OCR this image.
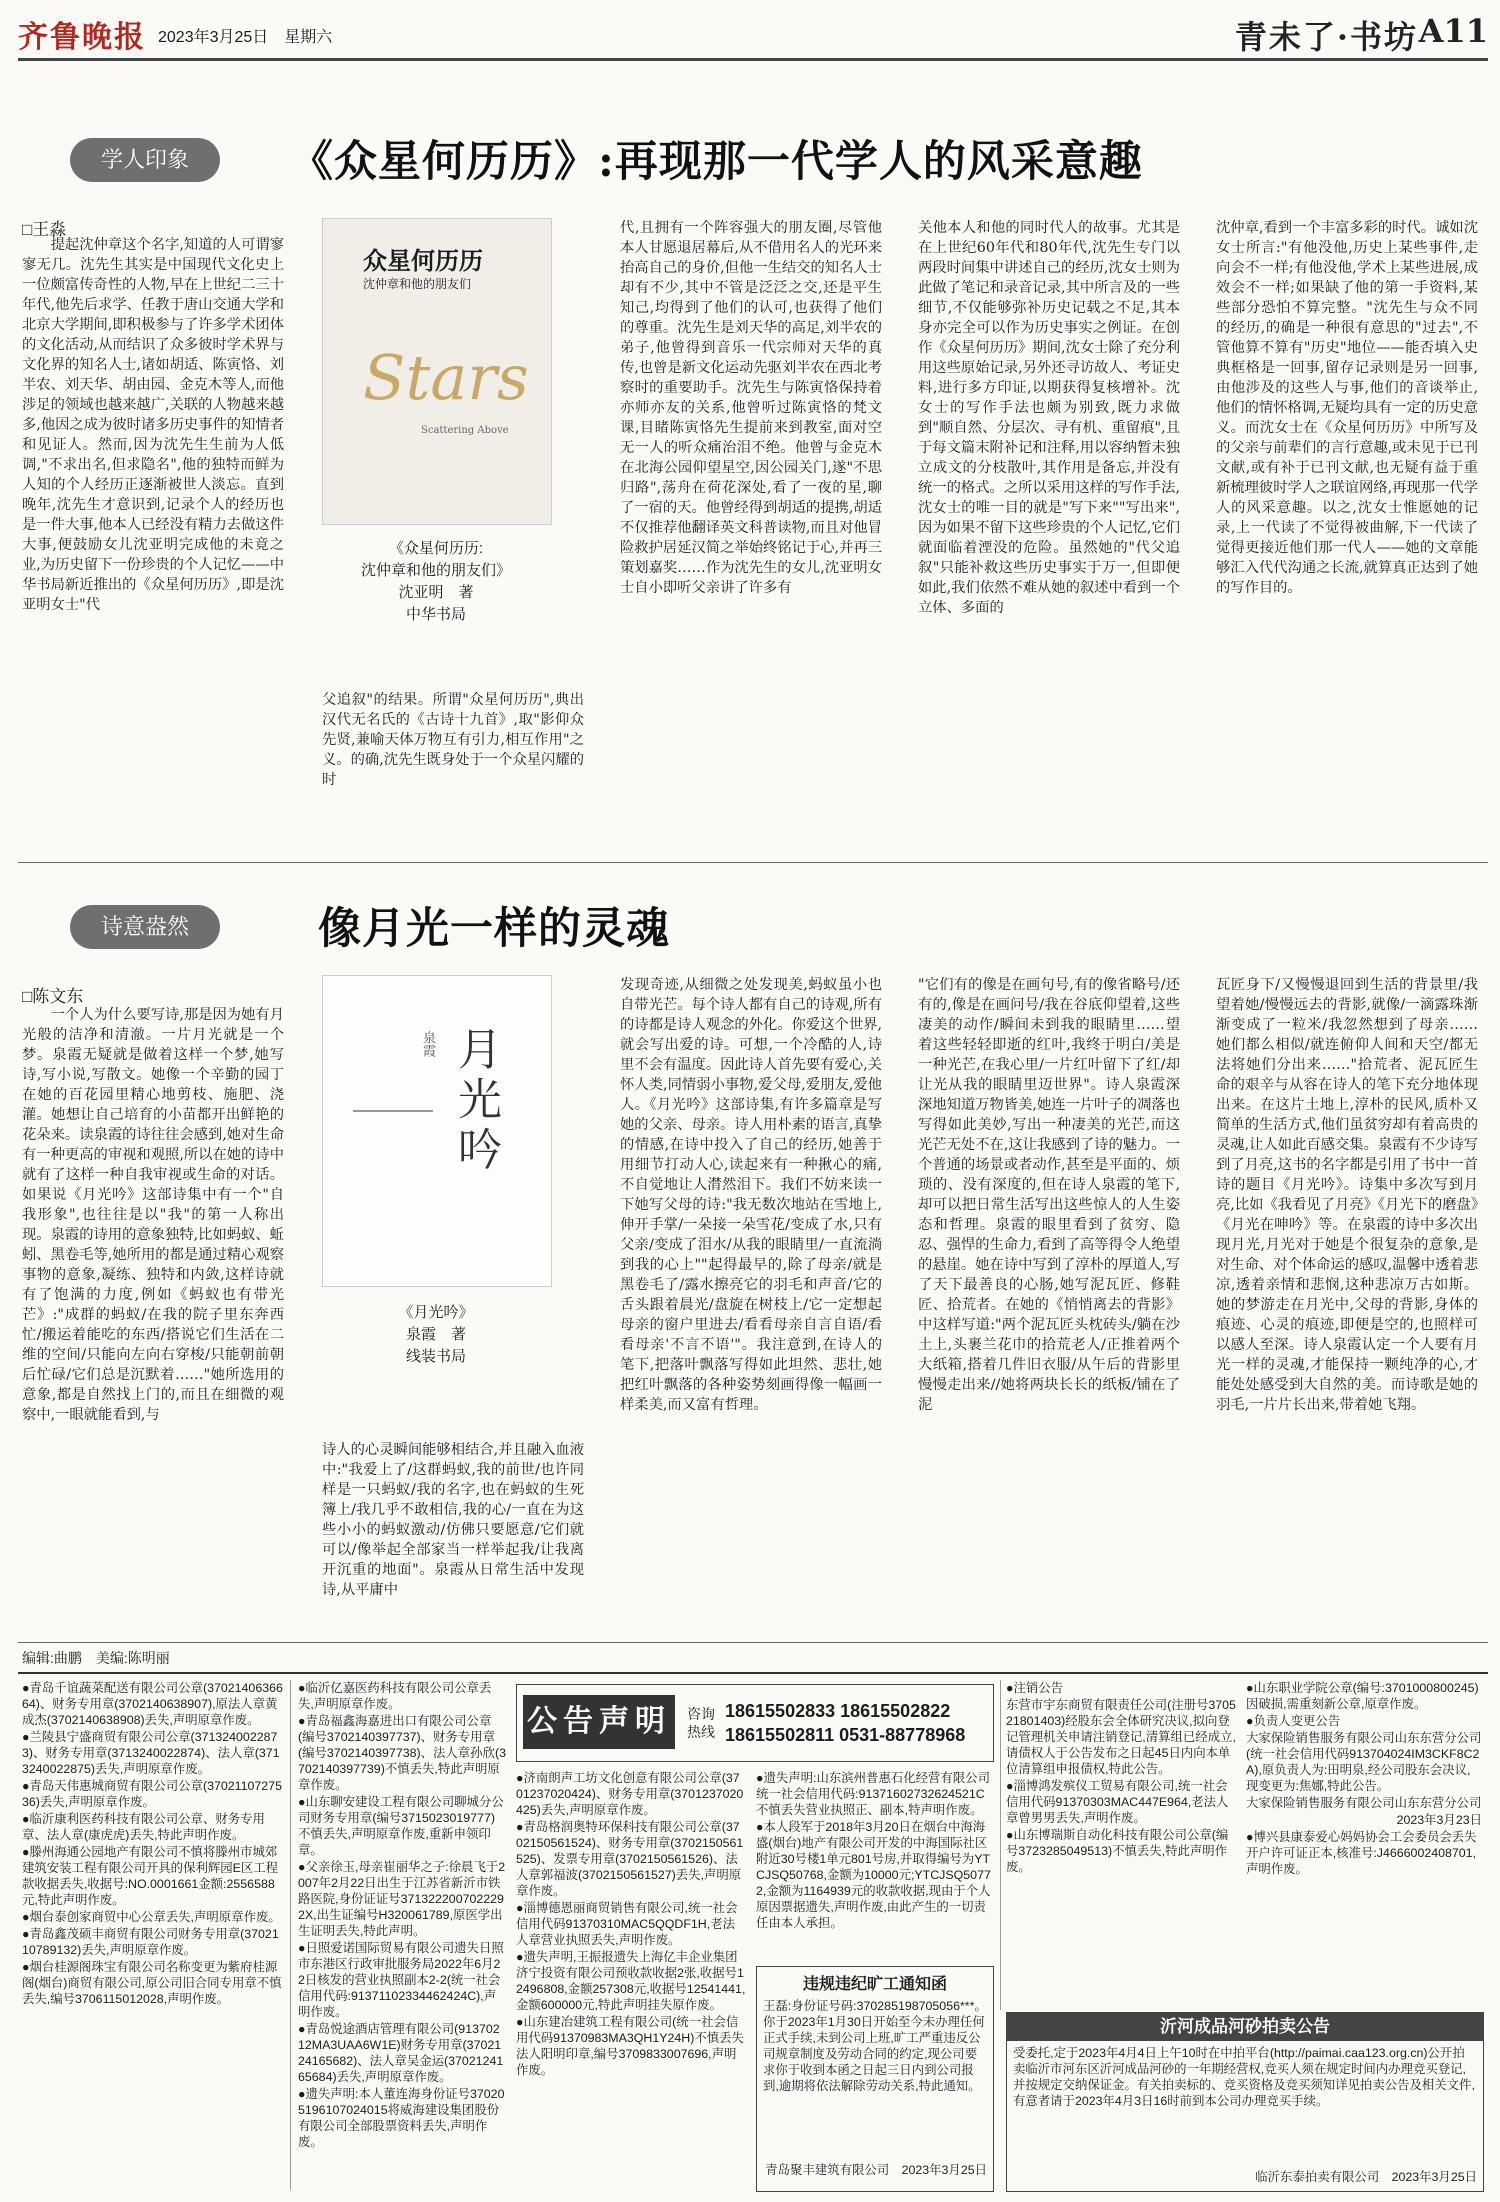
齐鲁晚报 2023年3月25日　星期六	青未了·书坊 A11
学人印象	《众星何历历》:再现那一代学人的风采意趣
□王淼

提起沈仲章这个名字,知道的人可谓寥寥无几。沈先生其实是中国现代文化史上一位颇富传奇性的人物,早在上世纪二三十年代,他先后求学、任教于唐山交通大学和北京大学期间,即积极参与了许多学术团体的文化活动,从而结识了众多彼时学术界与文化界的知名人士,诸如胡适、陈寅恪、刘半农、刘天华、胡由园、金克木等人,而他涉足的领域也越来越广,关联的人物越来越多,他因之成为彼时诸多历史事件的知情者和见证人。然而,因为沈先生生前为人低调,"不求出名,但求隐名",他的独特而鲜为人知的个人经历正逐渐被世人淡忘。直到晚年,沈先生才意识到,记录个人的经历也是一件大事,他本人已经没有精力去做这件大事,便鼓励女儿沈亚明完成他的未竟之业,为历史留下一份珍贵的个人记忆——中华书局新近推出的《众星何历历》,即是沈亚明女士"代

众星何历历
沈仲章和他的朋友们
Stars
Scattering Above
《众星何历历:
沈仲章和他的朋友们》
沈亚明　著
中华书局

父追叙"的结果。所谓"众星何历历",典出汉代无名氏的《古诗十九首》,取"影仰众先贤,兼喻天体万物互有引力,相互作用"之义。的确,沈先生既身处于一个众星闪耀的时

代,且拥有一个阵容强大的朋友圈,尽管他本人甘愿退居幕后,从不借用名人的光环来抬高自己的身价,但他一生结交的知名人士却有不少,其中不管是泛泛之交,还是平生知己,均得到了他们的认可,也获得了他们的尊重。沈先生是刘天华的高足,刘半农的弟子,他曾得到音乐一代宗师对天华的真传,也曾是新文化运动先驱刘半农在西北考察时的重要助手。沈先生与陈寅恪保持着亦师亦友的关系,他曾听过陈寅恪的梵文课,目睹陈寅恪先生提前来到教室,面对空无一人的听众痛治泪不绝。他曾与金克木在北海公园仰望星空,因公园关门,遂"不思归路",荡舟在荷花深处,看了一夜的星,聊了一宿的天。他曾经得到胡适的提携,胡适不仅推荐他翻译英文科普读物,而且对他冒险救护居延汉简之举始终铭记于心,并再三策划嘉奖……作为沈先生的女儿,沈亚明女士自小即听父亲讲了许多有

关他本人和他的同时代人的故事。尤其是在上世纪60年代和80年代,沈先生专门以两段时间集中讲述自己的经历,沈女士则为此做了笔记和录音记录,其中所言及的一些细节,不仅能够弥补历史记载之不足,其本身亦完全可以作为历史事实之例证。在创作《众星何历历》期间,沈女士除了充分利用这些原始记录,另外还寻访故人、考证史料,进行多方印证,以期获得复核增补。沈女士的写作手法也颇为别致,既力求做到"顺自然、分层次、寻有机、重留痕",且于每文篇末附补记和注释,用以容纳暂未独立成文的分枝散叶,其作用是备忘,并没有统一的格式。之所以采用这样的写作手法,沈女士的唯一目的就是"写下来""写出来",因为如果不留下这些珍贵的个人记忆,它们就面临着湮没的危险。虽然她的"代父追叙"只能补救这些历史事实于万一,但即便如此,我们依然不难从她的叙述中看到一个立体、多面的

沈仲章,看到一个丰富多彩的时代。诚如沈女士所言:"有他没他,历史上某些事件,走向会不一样;有他没他,学术上某些进展,成效会不一样;如果缺了他的第一手资料,某些部分恐怕不算完整。"沈先生与众不同的经历,的确是一种很有意思的"过去",不管他算不算有"历史"地位——能否填入史典框格是一回事,留存记录则是另一回事,由他涉及的这些人与事,他们的音谈举止,他们的情怀格调,无疑均具有一定的历史意义。而沈女士在《众星何历历》中所写及的父亲与前辈们的言行意趣,或未见于已刊文献,或有补于已刊文献,也无疑有益于重新梳理彼时学人之联谊网络,再现那一代学人的风采意趣。以之,沈女士惟愿她的记录,上一代读了不觉得被曲解,下一代读了觉得更接近他们那一代人——她的文章能够汇入代代沟通之长流,就算真正达到了她的写作目的。

诗意盎然	像月光一样的灵魂
□陈文东

一个人为什么要写诗,那是因为她有月光般的洁净和清澈。一片月光就是一个梦。泉霞无疑就是做着这样一个梦,她写诗,写小说,写散文。她像一个辛勤的园丁在她的百花园里精心地剪枝、施肥、浇灌。她想让自己培育的小苗都开出鲜艳的花朵来。读泉霞的诗往往会感到,她对生命有一种更高的审视和观照,所以在她的诗中就有了这样一种自我审视或生命的对话。如果说《月光吟》这部诗集中有一个"自我形象",也往往是以"我"的第一人称出现。泉霞的诗用的意象独特,比如蚂蚁、蚯蚓、黑卷毛等,她所用的都是通过精心观察事物的意象,凝练、独特和内敛,这样诗就有了饱满的力度,例如《蚂蚁也有带光芒》:"成群的蚂蚁/在我的院子里东奔西忙/搬运着能吃的东西/搭说它们生活在二维的空间/只能向左向右穿梭/只能朝前朝后忙碌/它们总是沉默着……"她所选用的意象,都是自然找上门的,而且在细微的观察中,一眼就能看到,与

月光吟
泉霞
《月光吟》
泉霞　著
线装书局

诗人的心灵瞬间能够相结合,并且融入血液中:"我爱上了/这群蚂蚁,我的前世/也许同样是一只蚂蚁/我的名字,也在蚂蚁的生死簿上/我几乎不敢相信,我的心/一直在为这些小小的蚂蚁激动/仿佛只要愿意/它们就可以/像举起全部家当一样举起我/让我离开沉重的地面"。泉霞从日常生活中发现诗,从平庸中

发现奇迹,从细微之处发现美,蚂蚁虽小也自带光芒。每个诗人都有自己的诗观,所有的诗都是诗人观念的外化。你爱这个世界,就会写出爱的诗。可想,一个冷酷的人,诗里不会有温度。因此诗人首先要有爱心,关怀人类,同情弱小事物,爱父母,爱朋友,爱他人。《月光吟》这部诗集,有许多篇章是写她的父亲、母亲。诗人用朴素的语言,真挚的情感,在诗中投入了自己的经历,她善于用细节打动人心,读起来有一种揪心的痛,不自觉地让人潸然泪下。我们不妨来读一下她写父母的诗:"我无数次地站在雪地上,伸开手掌/一朵接一朵雪花/变成了水,只有父亲/变成了泪水/从我的眼睛里/一直流淌到我的心上""起得最早的,除了母亲/就是黑卷毛了/露水擦亮它的羽毛和声音/它的舌头跟着晨光/盘旋在树枝上/它一定想起母亲的窗户里进去/看看母亲自言自语/看看母亲'不言不语'"。我注意到,在诗人的笔下,把落叶飘落写得如此坦然、悲壮,她把红叶飘落的各种姿势刻画得像一幅画一样柔美,而又富有哲理。

"它们有的像是在画句号,有的像省略号/还有的,像是在画问号/我在谷底仰望着,这些凄美的动作/瞬间未到我的眼睛里……望着这些轻轻即逝的红叶,我终于明白/美是一种光芒,在我心里/一片红叶留下了红/却让光从我的眼睛里迈世界"。诗人泉霞深深地知道万物皆美,她连一片叶子的凋落也写得如此美妙,写出一种凄美的光芒,而这光芒无处不在,这让我感到了诗的魅力。一个普通的场景或者动作,甚至是平面的、烦琐的、没有深度的,但在诗人泉霞的笔下,却可以把日常生活写出这些惊人的人生姿态和哲理。泉霞的眼里看到了贫穷、隐忍、强悍的生命力,看到了高等得令人绝望的悬崖。她在诗中写到了淳朴的厚道人,写了天下最善良的心肠,她写泥瓦匠、修鞋匠、拾荒者。在她的《悄悄离去的背影》中这样写道:"两个泥瓦匠头枕砖头/躺在沙土上,头裹兰花巾的拾荒老人/正推着两个大纸箱,搭着几件旧衣服/从午后的背影里慢慢走出来//她将两块长长的纸板/铺在了泥

瓦匠身下/又慢慢退回到生活的背景里/我望着她/慢慢远去的背影,就像/一滴露珠渐渐变成了一粒米/我忽然想到了母亲……她们都么相似/就连俯仰人间和天空/都无法将她们分出来……"拾荒者、泥瓦匠生命的艰辛与从容在诗人的笔下充分地体现出来。在这片土地上,淳朴的民风,质朴又简单的生活方式,他们虽贫穷却有着高贵的灵魂,让人如此百感交集。泉霞有不少诗写到了月亮,这书的名字都是引用了书中一首诗的题目《月光吟》。诗集中多次写到月亮,比如《我看见了月亮》《月光下的磨盘》《月光在呻吟》等。在泉霞的诗中多次出现月光,月光对于她是个很复杂的意象,是对生命、对个体命运的感叹,温馨中透着悲凉,透着亲情和悲悯,这种悲凉万古如斯。她的梦游走在月光中,父母的背影,身体的痕迹、心灵的痕迹,即便是空的,也照样可以感人至深。诗人泉霞认定一个人要有月光一样的灵魂,才能保持一颗纯净的心,才能处处感受到大自然的美。而诗歌是她的羽毛,一片片长出来,带着她飞翔。

编辑:曲鹏　美编:陈明丽

●青岛千谊蔬菜配送有限公司公章(3702140636664)、财务专用章(3702140638907),原法人章黄成杰(3702140638908)丢失,声明原章作废。

●兰陵县宁盛商贸有限公司公章(3713240022873)、财务专用章(3713240022874)、法人章(3713240022875)丢失,声明原章作废。

●青岛天伟惠城商贸有限公司公章(3702110727536)丢失,声明原章作废。

●临沂康利医药科技有限公司公章、财务专用章、法人章(康虎虎)丢失,特此声明作废。

●滕州海通公园地产有限公司不慎将滕州市城郊建筑安装工程有限公司开具的保利辉园E区工程款收据丢失,收据号:NO.0001661金额:2556588元,特此声明作废。

●烟台泰创家商贸中心公章丢失,声明原章作废。

●青岛鑫茂硕丰商贸有限公司财务专用章(3702110789132)丢失,声明原章作废。

●烟台桂源阁珠宝有限公司名称变更为紫府桂源阁(烟台)商贸有限公司,原公司旧合同专用章不慎丢失,编号3706115012028,声明作废。

●临沂亿嘉医药科技有限公司公章丢失,声明原章作废。

●青岛福鑫海嘉进出口有限公司公章(编号3702140397737)、财务专用章(编号3702140397738)、法人章孙欣(3702140397739)不慎丢失,特此声明原章作废。

●山东聊安建设工程有限公司聊城分公司财务专用章(编号3715023019777)不慎丢失,声明原章作废,重新申领印章。

●父亲徐玉,母亲崔丽华之子:徐晨飞于2007年2月22日出生于江苏省新沂市铁路医院,身份证证号3713222007022292X,出生证编号H320061789,原医学出生证明丢失,特此声明。

●日照爱诺国际贸易有限公司遗失日照市东港区行政审批服务局2022年6月22日核发的营业执照副本2-2(统一社会信用代码:91371102334462424C),声明作废。

●青岛悦途酒店管理有限公司(91370212MA3UAA6W1E)财务专用章(3702124165682)、法人章吴金运(3702124165684)丢失,声明原章作废。

●遗失声明:本人董连海身份证号370205196107024015将威海建设集团股份有限公司全部股票资料丢失,声明作废。

公告声明 咨询
热线
18615502833 18615502822
18615502811 0531-88778968

●济南朗声工坊文化创意有限公司公章(3701237020424)、财务专用章(3701237020425)丢失,声明原章作废。

●青岛格润奥特环保科技有限公司公章(3702150561524)、财务专用章(3702150561525)、发票专用章(3702150561526)、法人章郭福波(3702150561527)丢失,声明原章作废。

●淄博德恩丽商贸销售有限公司,统一社会信用代码91370310MAC5QQDF1H,老法人章营业执照丢失,声明作废。

●遗失声明,王振报遗失上海亿丰企业集团济宁投资有限公司预收款收据2张,收据号12496808,金额257308元,收据号12541441,金额600000元,特此声明挂失原作废。

●山东建冶建筑工程有限公司(统一社会信用代码91370983MA3QH1Y24H)不慎丢失法人阳明印章,编号3709833007696,声明作废。

●遗失声明:山东滨州普惠石化经营有限公司统一社会信用代码:91371602732624521C不慎丢失营业执照正、副本,特声明作废。

●本人段军于2018年3月20日在烟台中海海盛(烟台)地产有限公司开发的中海国际社区附近30号楼1单元801号房,并取得编号为YTCJSQ50768,金额为10000元;YTCJSQ50772,金额为1164939元的收款收据,现由于个人原因票据遗失,声明作废,由此产生的一切责任由本人承担。

违规违纪旷工通知函
王磊:身份证号码:370285198705056***。你于2023年1月30日开始至今未办理任何正式手续,未到公司上班,旷工严重违反公司规章制度及劳动合同的约定,现公司要求你于收到本函之日起三日内到公司报到,逾期将依法解除劳动关系,特此通知。
青岛聚丰建筑有限公司　2023年3月25日

●注销公告

东营市宇东商贸有限责任公司(注册号370521801403)经股东会全体研究决议,拟向登记管理机关申请注销登记,清算组已经成立,请债权人于公告发布之日起45日内向本单位清算组申报债权,特此公告。

●淄博鸿发殡仪工贸易有限公司,统一社会信用代码91370303MAC447E964,老法人章曾男男丢失,声明作废。

●山东博瑞斯自动化科技有限公司公章(编号3723285049513)不慎丢失,特此声明作废。

●山东职业学院公章(编号:3701000800245)因破损,需重刻新公章,原章作废。

●负责人变更公告

大家保险销售服务有限公司山东东营分公司(统一社会信用代码913704024IM3CKF8C2A),原负责人为:田明泉,经公司股东会决议,现变更为:焦娜,特此公告。

大家保险销售服务有限公司山东东营分公司

2023年3月23日

●博兴县康泰爱心妈妈协会工会委员会丢失开户许可证正本,核准号:J4666002408701,声明作废。

沂河成品河砂拍卖公告
受委托,定于2023年4月4日上午10时在中拍平台(http://paimai.caa123.org.cn)公开拍卖临沂市河东区沂河成品河砂的一年期经营权,竞买人须在规定时间内办理竞买登记,并按规定交纳保证金。有关拍卖标的、竞买资格及竞买须知详见拍卖公告及相关文件,有意者请于2023年4月3日16时前到本公司办理竞买手续。
临沂东泰拍卖有限公司　2023年3月25日
